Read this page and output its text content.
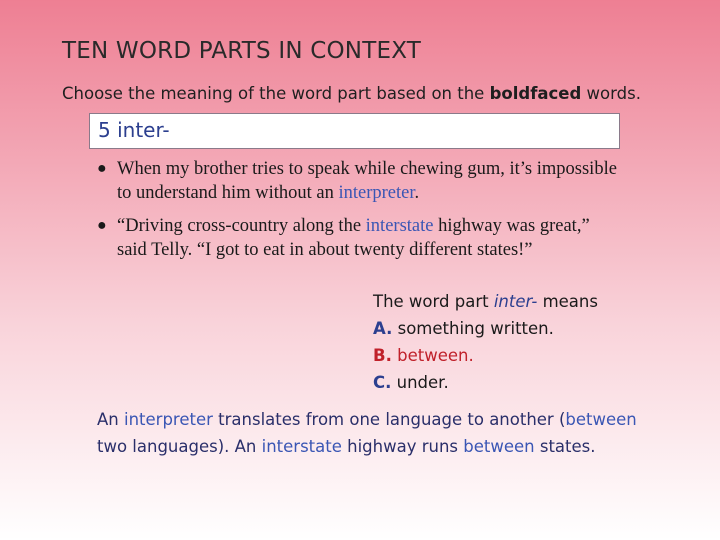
TEN WORD PARTS IN CONTEXT

Choose the meaning of the word part based on the boldfaced words.

5 inter-
● When my brother tries to speak while chewing gum, it’s impossible to understand him without an interpreter.
● “Driving cross-country along the interstate highway was great,” said Telly. “I got to eat in about twenty different states!”
The word part inter- means
A. something written.
B. between.
C. under.
An interpreter translates from one language to another (between two languages). An interstate highway runs between states.
